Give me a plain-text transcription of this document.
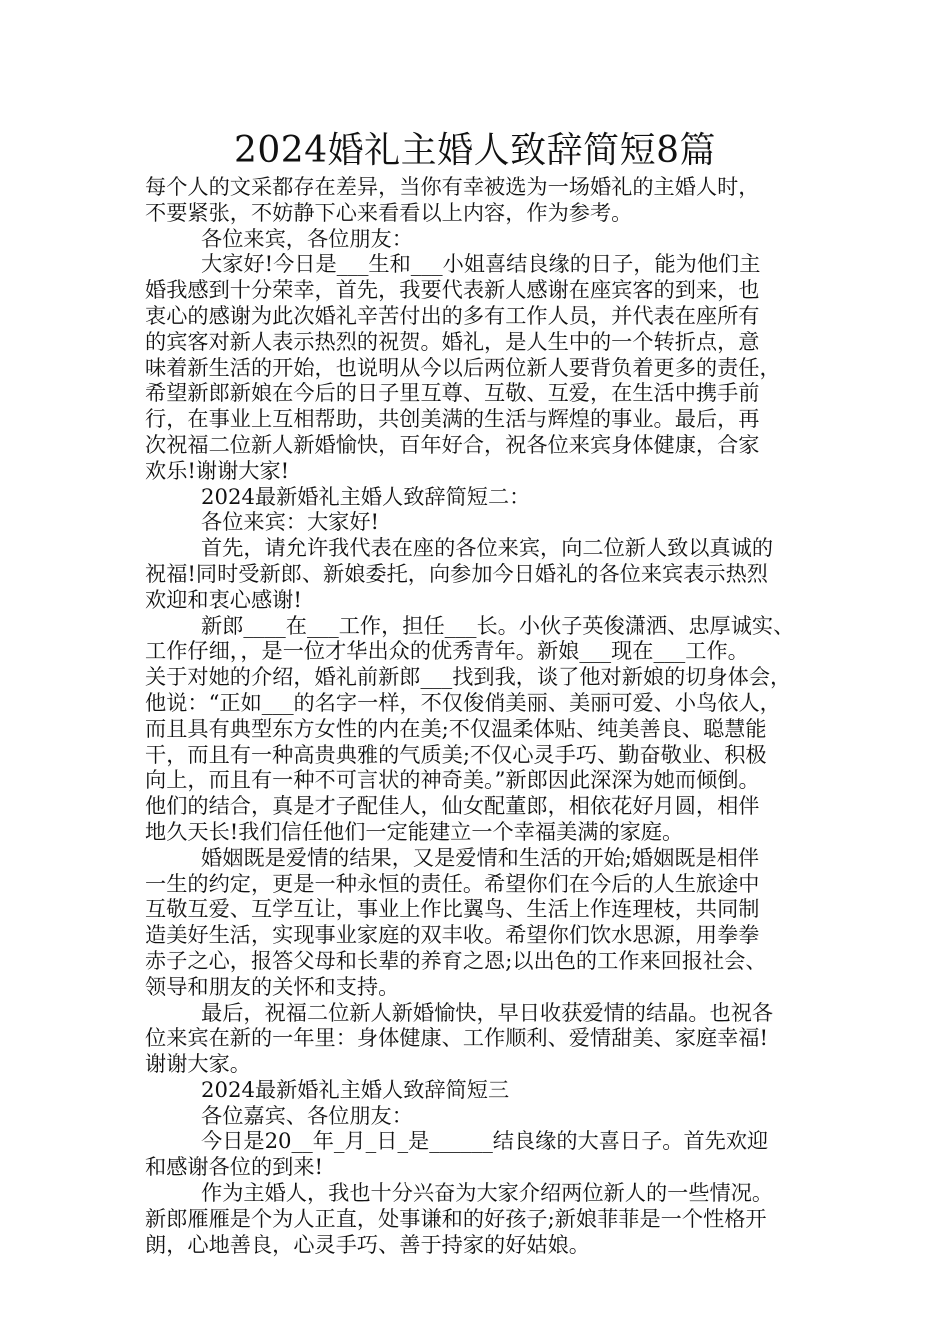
2024婚礼主婚人致辞简短8篇
每个人的文采都存在差异，当你有幸被选为一场婚礼的主婚人时，
不要紧张，不妨静下心来看看以上内容，作为参考。
各位来宾，各位朋友：
大家好!今日是___生和___小姐喜结良缘的日子，能为他们主
婚我感到十分荣幸，首先，我要代表新人感谢在座宾客的到来，也
衷心的感谢为此次婚礼辛苦付出的多有工作人员，并代表在座所有
的宾客对新人表示热烈的祝贺。婚礼，是人生中的一个转折点，意
味着新生活的开始，也说明从今以后两位新人要背负着更多的责任，
希望新郎新娘在今后的日子里互尊、互敬、互爱，在生活中携手前
行，在事业上互相帮助，共创美满的生活与辉煌的事业。最后，再
次祝福二位新人新婚愉快，百年好合，祝各位来宾身体健康，合家
欢乐!谢谢大家!
2024最新婚礼主婚人致辞简短二：
各位来宾：大家好!
首先，请允许我代表在座的各位来宾，向二位新人致以真诚的
祝福!同时受新郎、新娘委托，向参加今日婚礼的各位来宾表示热烈
欢迎和衷心感谢!
新郎____在___工作，担任___长。小伙子英俊潇洒、忠厚诚实、
工作仔细，，是一位才华出众的优秀青年。新娘___现在___工作。
关于对她的介绍，婚礼前新郎___找到我，谈了他对新娘的切身体会，
他说：“正如___的名字一样，不仅俊俏美丽、美丽可爱、小鸟依人，
而且具有典型东方女性的内在美;不仅温柔体贴、纯美善良、聪慧能
干，而且有一种高贵典雅的气质美;不仅心灵手巧、勤奋敬业、积极
向上，而且有一种不可言状的神奇美。”新郎因此深深为她而倾倒。
他们的结合，真是才子配佳人，仙女配董郎，相依花好月圆，相伴
地久天长!我们信任他们一定能建立一个幸福美满的家庭。
婚姻既是爱情的结果，又是爱情和生活的开始;婚姻既是相伴
一生的约定，更是一种永恒的责任。希望你们在今后的人生旅途中
互敬互爱、互学互让，事业上作比翼鸟、生活上作连理枝，共同制
造美好生活，实现事业家庭的双丰收。希望你们饮水思源，用拳拳
赤子之心，报答父母和长辈的养育之恩;以出色的工作来回报社会、
领导和朋友的关怀和支持。
最后，祝福二位新人新婚愉快，早日收获爱情的结晶。也祝各
位来宾在新的一年里：身体健康、工作顺利、爱情甜美、家庭幸福!
谢谢大家。
2024最新婚礼主婚人致辞简短三
各位嘉宾、各位朋友：
今日是20__年_月_日_是______结良缘的大喜日子。首先欢迎
和感谢各位的到来!
作为主婚人，我也十分兴奋为大家介绍两位新人的一些情况。
新郎雁雁是个为人正直，处事谦和的好孩子;新娘菲菲是一个性格开
朗，心地善良，心灵手巧、善于持家的好姑娘。
